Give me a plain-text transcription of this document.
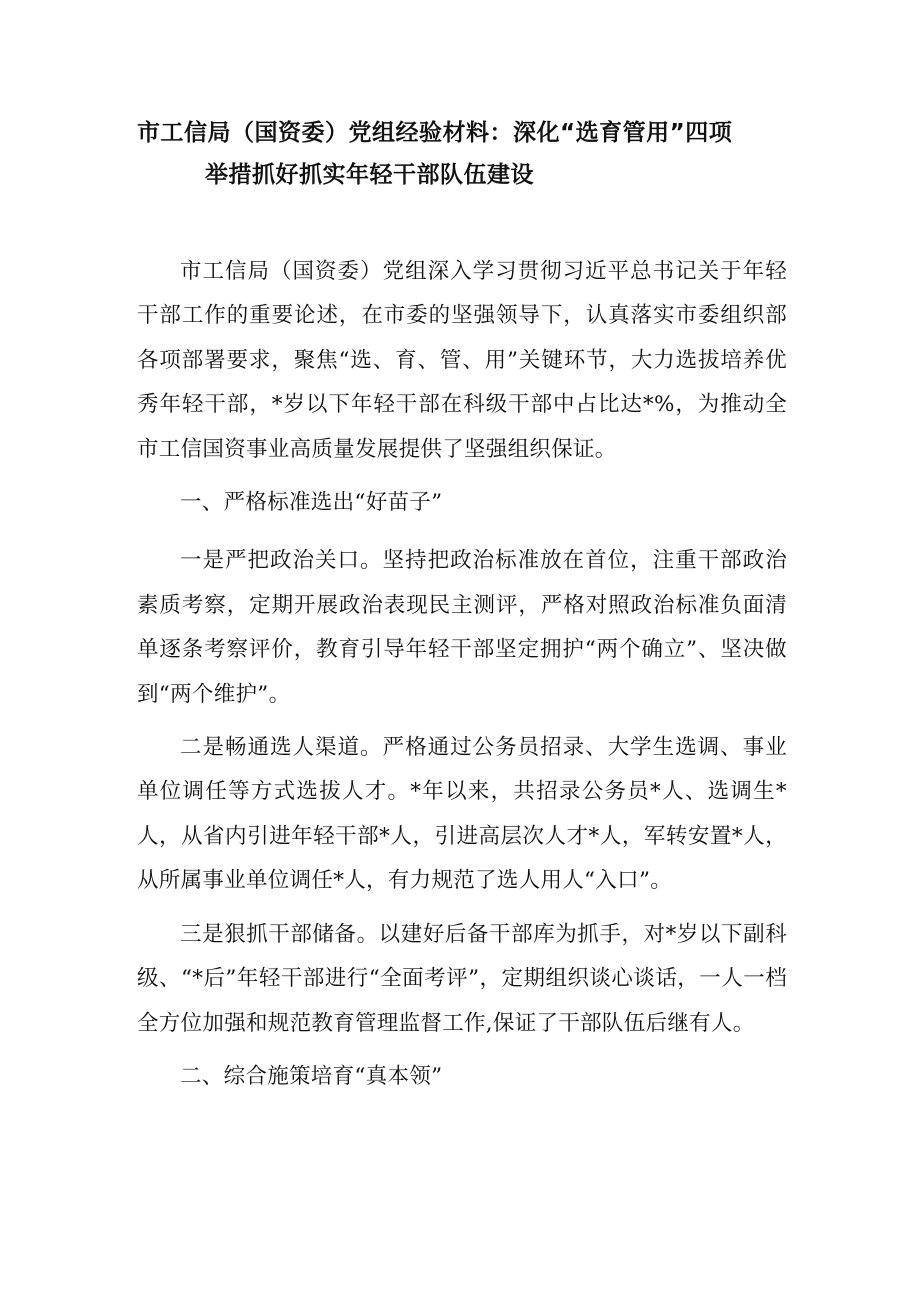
市工信局（国资委）党组经验材料：深化“选育管用”四项
举措抓好抓实年轻干部队伍建设

市工信局（国资委）党组深入学习贯彻习近平总书记关于年轻干部工作的重要论述，在市委的坚强领导下，认真落实市委组织部各项部署要求，聚焦“选、育、管、用”关键环节，大力选拔培养优秀年轻干部，*岁以下年轻干部在科级干部中占比达*%，为推动全市工信国资事业高质量发展提供了坚强组织保证。

一、严格标准选出“好苗子”

一是严把政治关口。坚持把政治标准放在首位，注重干部政治素质考察，定期开展政治表现民主测评，严格对照政治标准负面清单逐条考察评价，教育引导年轻干部坚定拥护“两个确立”、坚决做到“两个维护”。

二是畅通选人渠道。严格通过公务员招录、大学生选调、事业单位调任等方式选拔人才。*年以来，共招录公务员*人、选调生*人，从省内引进年轻干部*人，引进高层次人才*人，军转安置*人，从所属事业单位调任*人，有力规范了选人用人“入口”。

三是狠抓干部储备。以建好后备干部库为抓手，对*岁以下副科级、“*后”年轻干部进行“全面考评”，定期组织谈心谈话，一人一档全方位加强和规范教育管理监督工作,保证了干部队伍后继有人。

二、综合施策培育“真本领”
